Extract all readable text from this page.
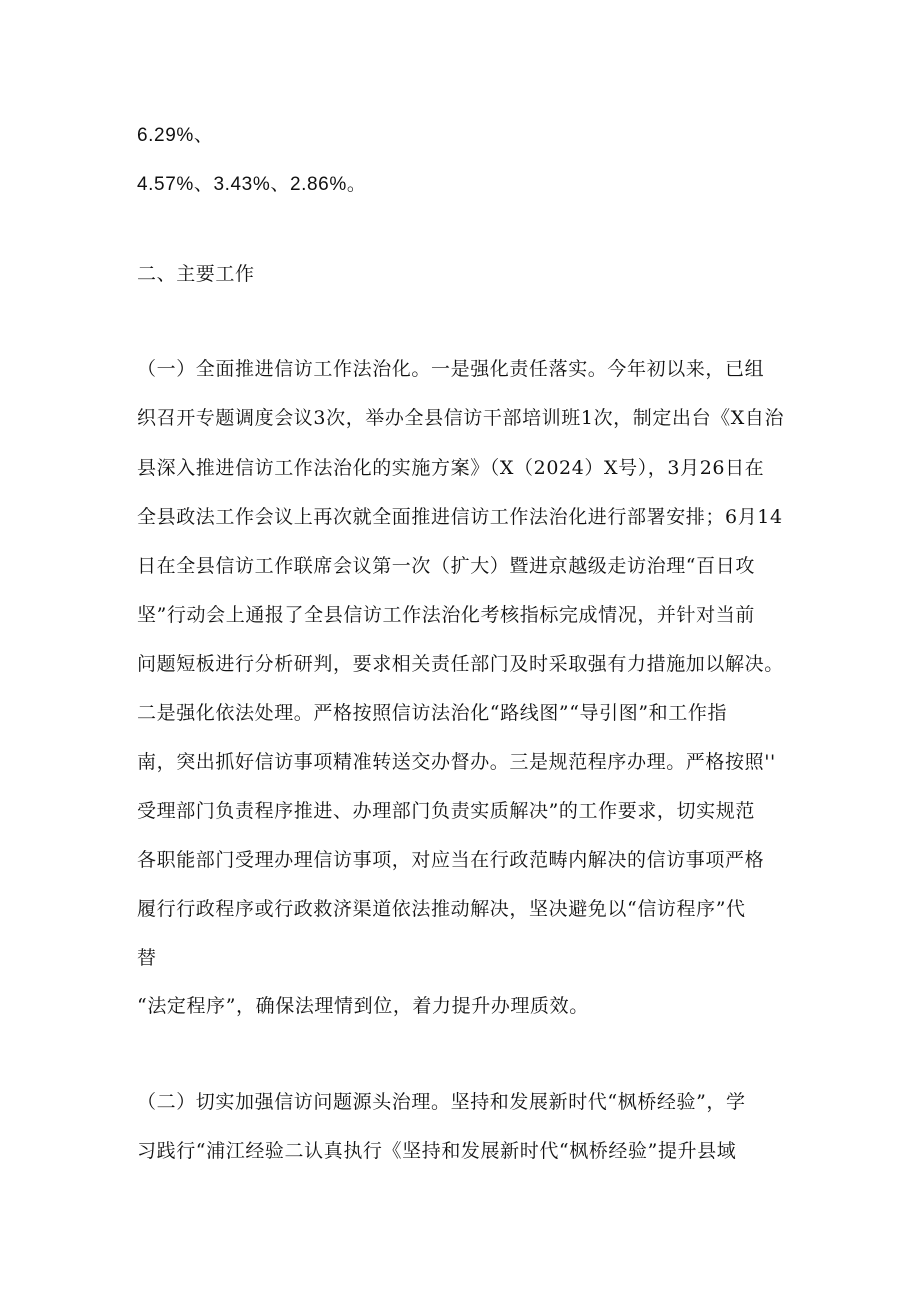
6.29%、
4.57%、3.43%、2.86%。
二、主要工作
（一）全面推进信访工作法治化。一是强化责任落实。今年初以来，已组
织召开专题调度会议3次，举办全县信访干部培训班1次，制定出台《X自治
县深入推进信访工作法治化的实施方案》（X（2024）X号），3月26日在
全县政法工作会议上再次就全面推进信访工作法治化进行部署安排；6月14
日在全县信访工作联席会议第一次（扩大）暨进京越级走访治理“百日攻
坚”行动会上通报了全县信访工作法治化考核指标完成情况，并针对当前
问题短板进行分析研判，要求相关责任部门及时采取强有力措施加以解决。
二是强化依法处理。严格按照信访法治化“路线图”“导引图”和工作指
南，突出抓好信访事项精准转送交办督办。三是规范程序办理。严格按照''
受理部门负责程序推进、办理部门负责实质解决”的工作要求，切实规范
各职能部门受理办理信访事项，对应当在行政范畴内解决的信访事项严格
履行行政程序或行政救济渠道依法推动解决，坚决避免以“信访程序”代
替
“法定程序”，确保法理情到位，着力提升办理质效。
（二）切实加强信访问题源头治理。坚持和发展新时代“枫桥经验”，学
习践行“浦江经验二认真执行《坚持和发展新时代“枫桥经验”提升县域
